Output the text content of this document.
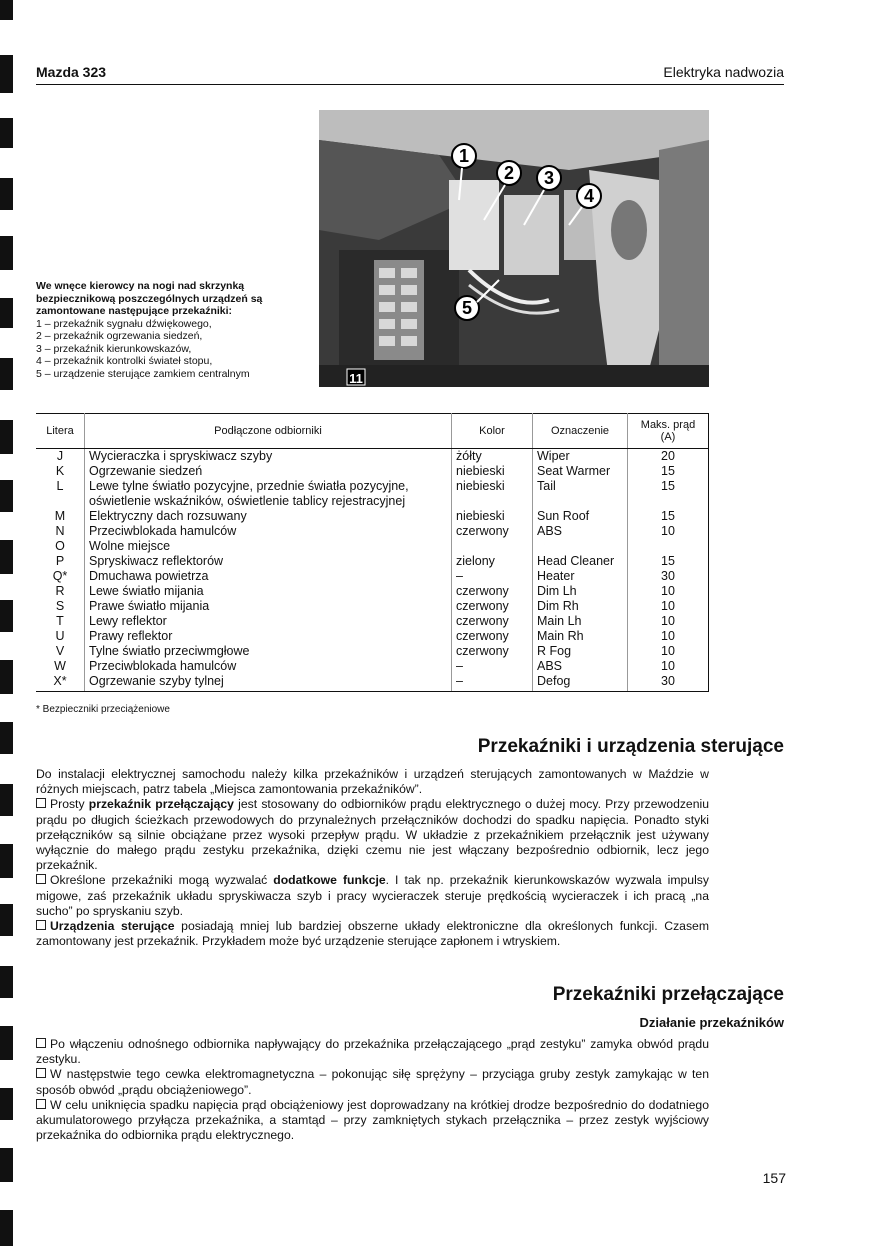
Mazda 323	Elektryka nadwozia
1
2 3
4
5
11
We wnęce kierowcy na nogi nad skrzynką bezpiecznikową poszczególnych urządzeń są zamontowane następujące przekaźniki:
1 – przekaźnik sygnału dźwiękowego,
2 – przekaźnik ogrzewania siedzeń,
3 – przekaźnik kierunkowskazów,
4 – przekaźnik kontrolki świateł stopu,
5 – urządzenie sterujące zamkiem centralnym
Litera	Podłączone odbiorniki	Kolor	Oznaczenie	Maks. prąd (A)
J	Wycieraczka i spryskiwacz szyby	żółty	Wiper	20
K	Ogrzewanie siedzeń	niebieski	Seat Warmer	15
L	Lewe tylne światło pozycyjne, przednie światła pozycyjne, oświetlenie wskaźników, oświetlenie tablicy rejestracyjnej	niebieski	Tail	15
M	Elektryczny dach rozsuwany	niebieski	Sun Roof	15
N	Przeciwblokada hamulców	czerwony	ABS	10
O	Wolne miejsce			
P	Spryskiwacz reflektorów	zielony	Head Cleaner	15
Q*	Dmuchawa powietrza	–	Heater	30
R	Lewe światło mijania	czerwony	Dim Lh	10
S	Prawe światło mijania	czerwony	Dim Rh	10
T	Lewy reflektor	czerwony	Main Lh	10
U	Prawy reflektor	czerwony	Main Rh	10
V	Tylne światło przeciwmgłowe	czerwony	R Fog	10
W	Przeciwblokada hamulców	–	ABS	10
X*	Ogrzewanie szyby tylnej	–	Defog	30
* Bezpieczniki przeciążeniowe
Przekaźniki i urządzenia sterujące

Do instalacji elektrycznej samochodu należy kilka przekaźników i urządzeń sterujących zamontowanych w Maździe w różnych miejscach, patrz tabela „Miejsca zamontowania przekaźników”.

Prosty przekaźnik przełączający jest stosowany do odbiorników prądu elektrycznego o dużej mocy. Przy przewodzeniu prądu po długich ścieżkach przewodowych do przynależnych przełączników dochodzi do spadku napięcia. Ponadto styki przełączników są silnie obciążane przez wysoki przepływ prądu. W układzie z przekaźnikiem przełącznik jest używany wyłącznie do małego prądu zestyku przekaźnika, dzięki czemu nie jest włączany bezpośrednio odbiornik, lecz jego przekaźnik.

Określone przekaźniki mogą wyzwalać dodatkowe funkcje. I tak np. przekaźnik kierunkowskazów wyzwala impulsy migowe, zaś przekaźnik układu spryskiwacza szyb i pracy wycieraczek steruje prędkością wycieraczek i ich pracą „na sucho” po spryskaniu szyb.

Urządzenia sterujące posiadają mniej lub bardziej obszerne układy elektroniczne dla określonych funkcji. Czasem zamontowany jest przekaźnik. Przykładem może być urządzenie sterujące zapłonem i wtryskiem.

Przekaźniki przełączające
Działanie przekaźników

Po włączeniu odnośnego odbiornika napływający do przekaźnika przełączającego „prąd zestyku” zamyka obwód prądu zestyku.

W następstwie tego cewka elektromagnetyczna – pokonując siłę sprężyny – przyciąga gruby zestyk zamykając w ten sposób obwód „prądu obciążeniowego”.

W celu uniknięcia spadku napięcia prąd obciążeniowy jest doprowadzany na krótkiej drodze bezpośrednio do dodatniego akumulatorowego przyłącza przekaźnika, a stamtąd – przy zamkniętych stykach przełącznika – przez zestyk wyjściowy przekaźnika do odbiornika prądu elektrycznego.

157
